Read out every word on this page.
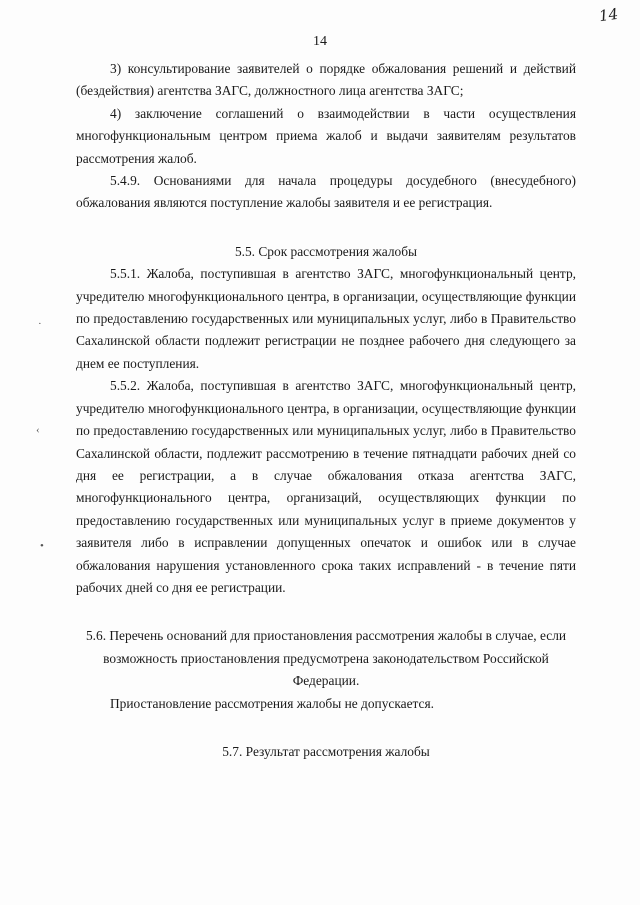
14
14
·
‹
•

3) консультирование заявителей о порядке обжалования решений и действий (бездействия) агентства ЗАГС, должностного лица агентства ЗАГС;

4) заключение соглашений о взаимодействии в части осуществления многофункциональным центром приема жалоб и выдачи заявителям результатов рассмотрения жалоб.

5.4.9. Основаниями для начала процедуры досудебного (внесудебного) обжалования являются поступление жалобы заявителя и ее регистрация.

5.5. Срок рассмотрения жалобы

5.5.1. Жалоба, поступившая в агентство ЗАГС, многофункциональный центр, учредителю многофункционального центра, в организации, осуществляющие функции по предоставлению государственных или муниципальных услуг, либо в Правительство Сахалинской области подлежит регистрации не позднее рабочего дня следующего за днем ее поступления.

5.5.2. Жалоба, поступившая в агентство ЗАГС, многофункциональный центр, учредителю многофункционального центра, в организации, осуществляющие функции по предоставлению государственных или муниципальных услуг, либо в Правительство Сахалинской области, подлежит рассмотрению в течение пятнадцати рабочих дней со дня ее регистрации, а в случае обжалования отказа агентства ЗАГС, многофункционального центра, организаций, осуществляющих функции по предоставлению государственных или муниципальных услуг в приеме документов у заявителя либо в исправлении допущенных опечаток и ошибок или в случае обжалования нарушения установленного срока таких исправлений - в течение пяти рабочих дней со дня ее регистрации.

5.6. Перечень оснований для приостановления рассмотрения жалобы в случае, если возможность приостановления предусмотрена законодательством Российской Федерации.

Приостановление рассмотрения жалобы не допускается.

5.7. Результат рассмотрения жалобы
